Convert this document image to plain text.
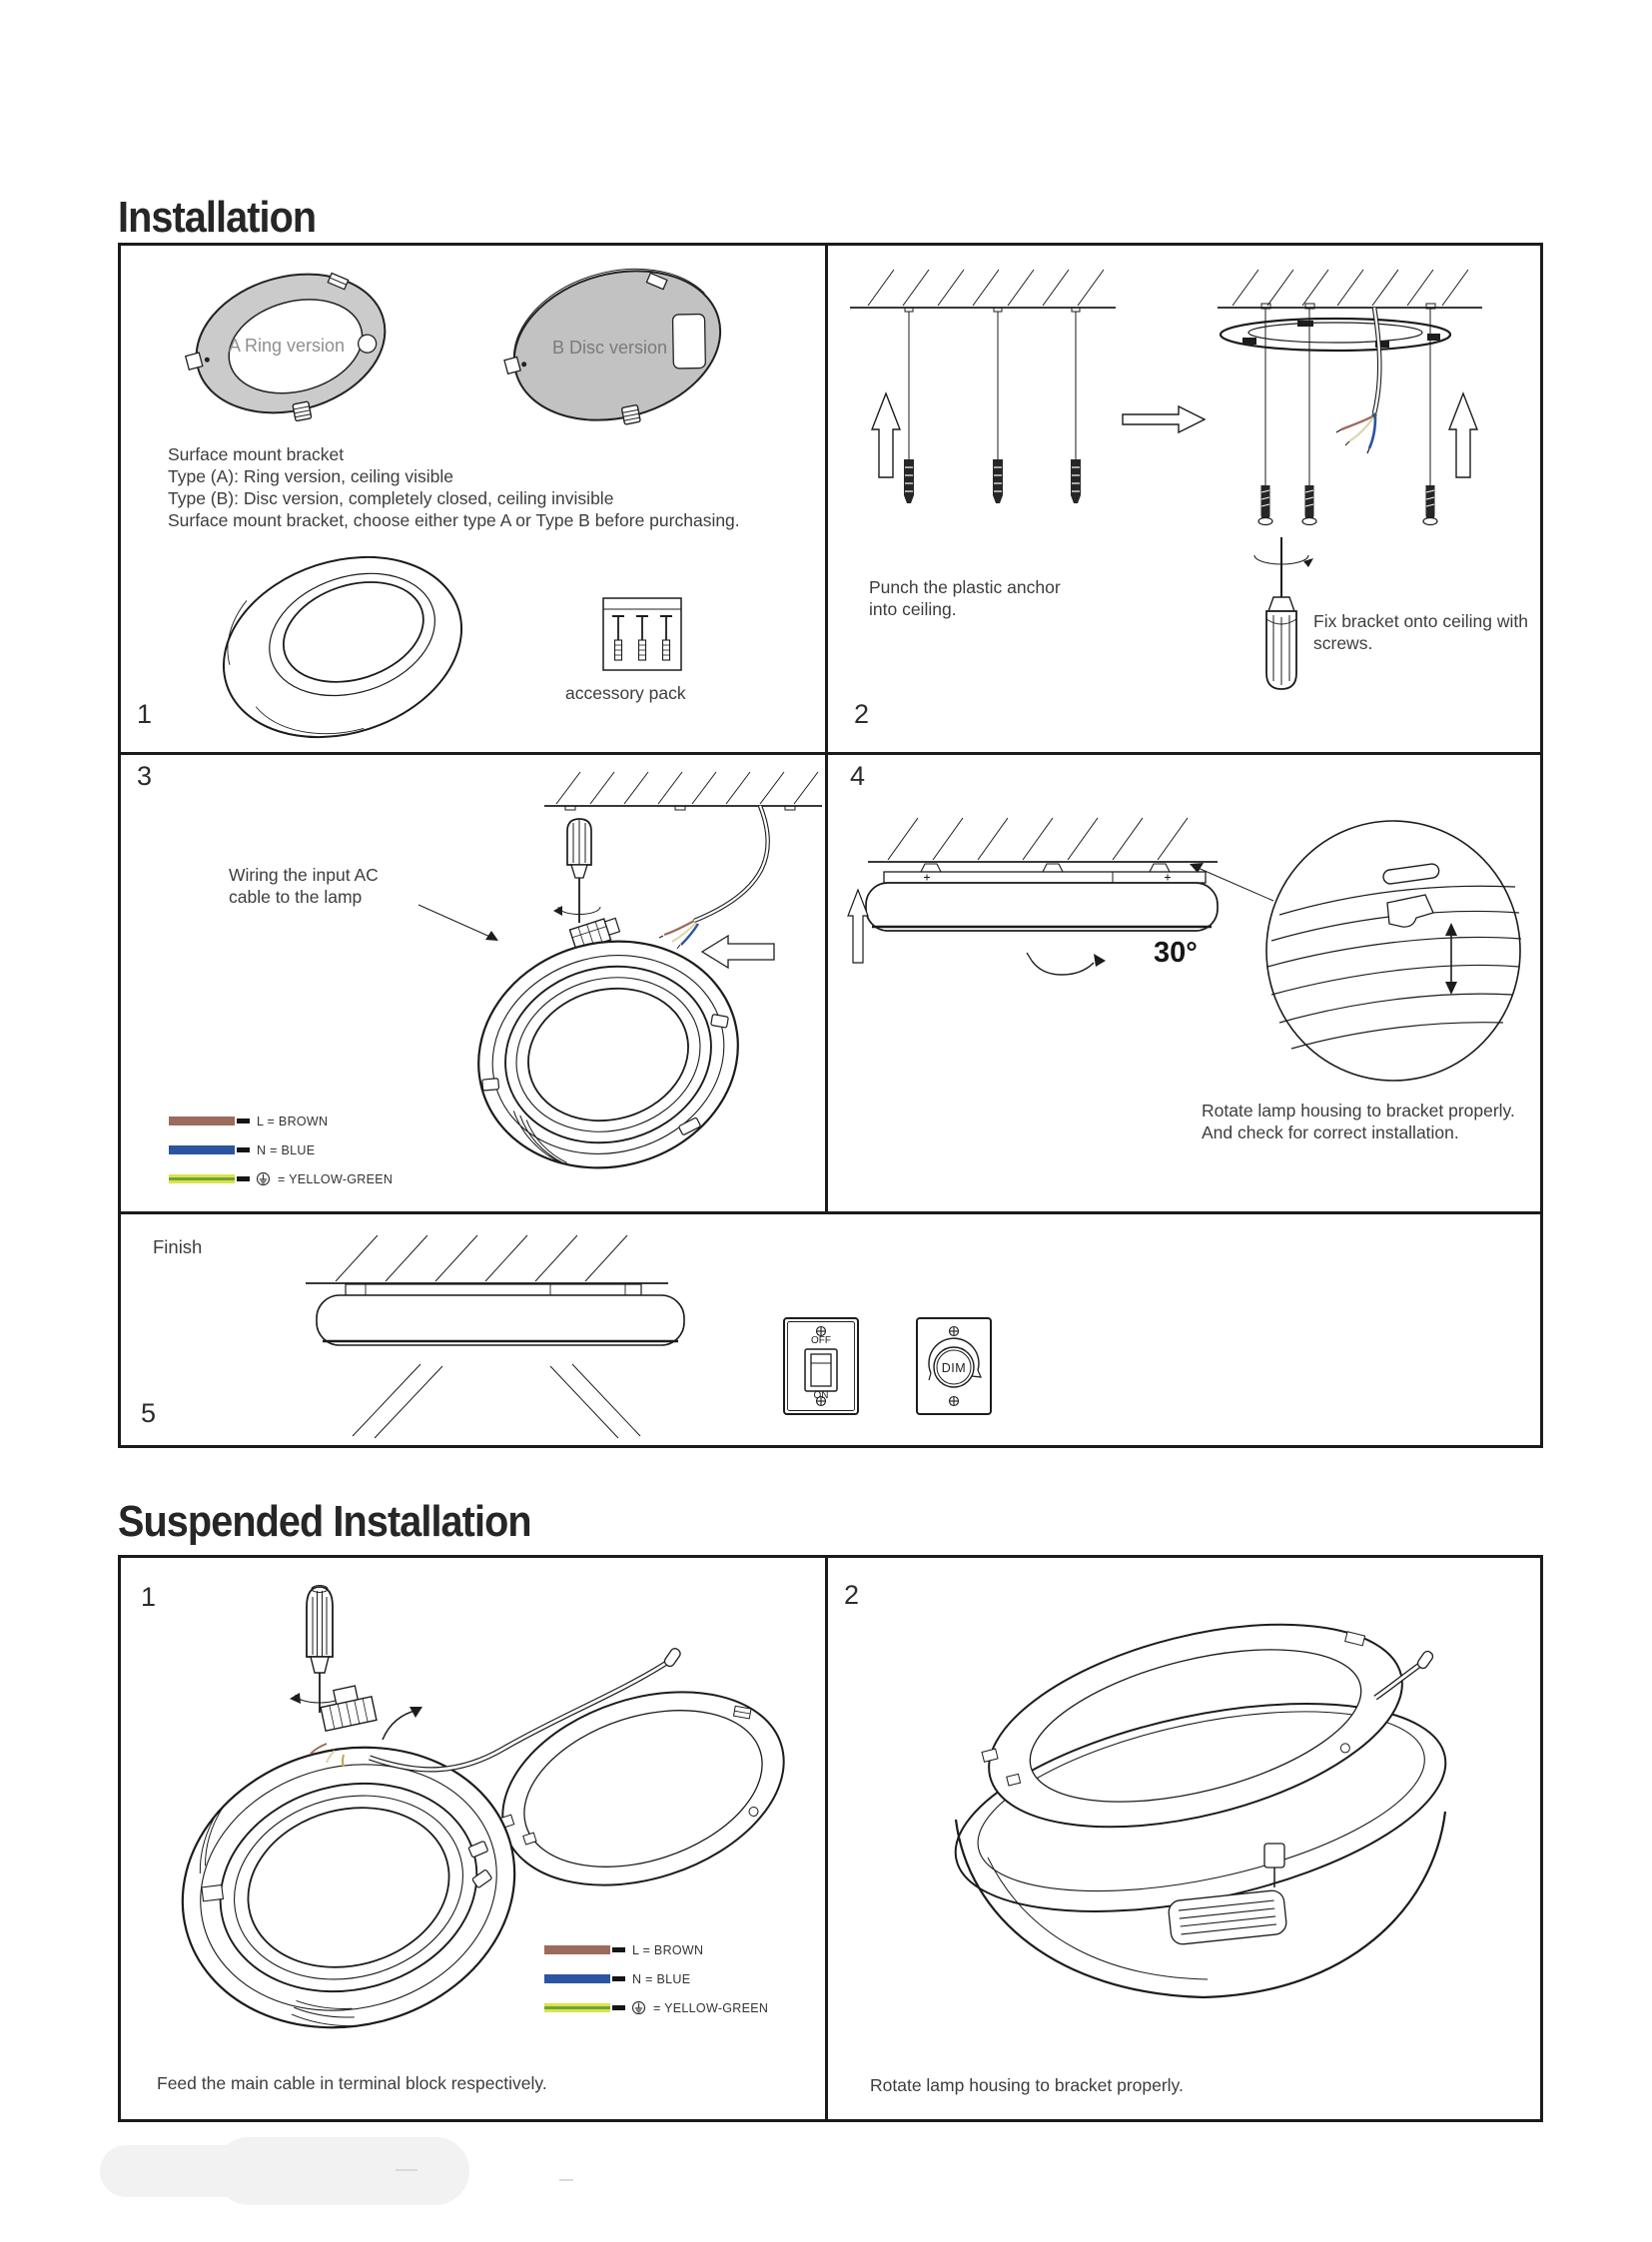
Installation
A Ring version	B Disc version
Surface mount bracket
Type (A): Ring version, ceiling visible
Type (B): Disc version, completely closed, ceiling invisible
Surface mount bracket, choose either type A or Type B before purchasing.
accessory pack
1
Punch the plastic anchor into ceiling.
Fix bracket onto ceiling with screws.
2
Wiring the input AC cable to the lamp
L = BROWN
N = BLUE
= YELLOW-GREEN
3
30°
Rotate lamp housing to bracket properly. And check for correct installation.
4
Finish
OFF
ON
DIM
5
Suspended Installation
L = BROWN
N = BLUE
= YELLOW-GREEN
Feed the main cable in terminal block respectively.
1
Rotate lamp housing to bracket properly.
2
